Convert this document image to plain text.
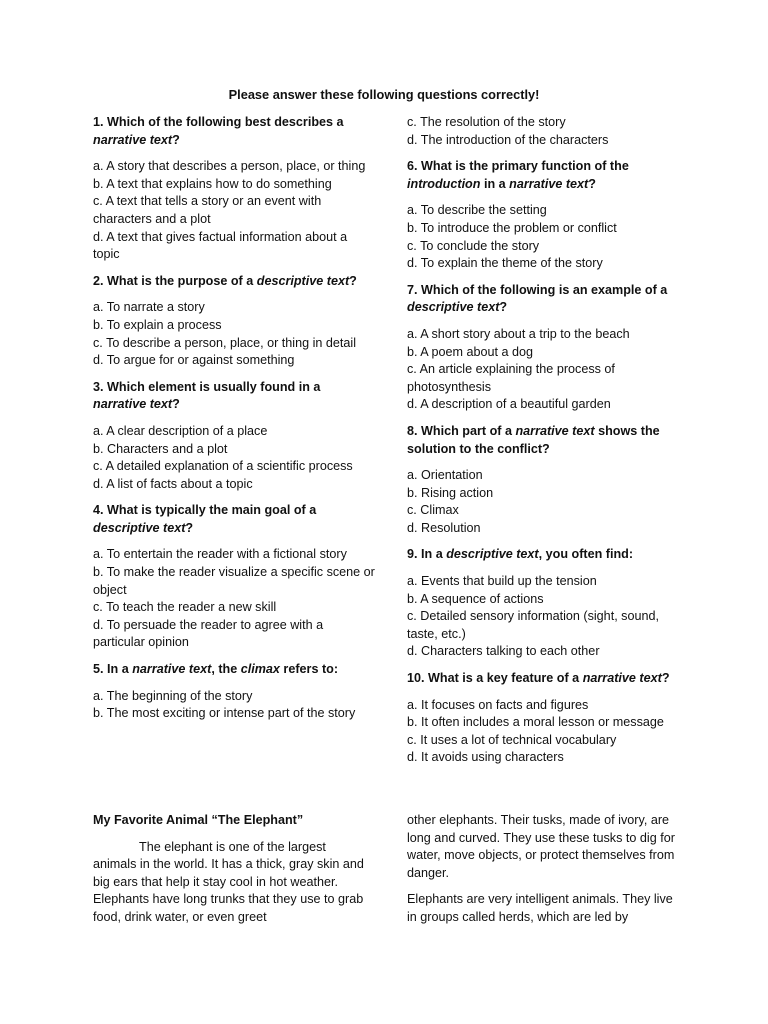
Please answer these following questions correctly!
1. Which of the following best describes a narrative text?
a. A story that describes a person, place, or thing
b. A text that explains how to do something
c. A text that tells a story or an event with characters and a plot
d. A text that gives factual information about a topic
2. What is the purpose of a descriptive text?
a. To narrate a story
b. To explain a process
c. To describe a person, place, or thing in detail
d. To argue for or against something
3. Which element is usually found in a narrative text?
a. A clear description of a place
b. Characters and a plot
c. A detailed explanation of a scientific process
d. A list of facts about a topic
4. What is typically the main goal of a descriptive text?
a. To entertain the reader with a fictional story
b. To make the reader visualize a specific scene or object
c. To teach the reader a new skill
d. To persuade the reader to agree with a particular opinion
5. In a narrative text, the climax refers to:
a. The beginning of the story
b. The most exciting or intense part of the story
c. The resolution of the story
d. The introduction of the characters
6. What is the primary function of the introduction in a narrative text?
a. To describe the setting
b. To introduce the problem or conflict
c. To conclude the story
d. To explain the theme of the story
7. Which of the following is an example of a descriptive text?
a. A short story about a trip to the beach
b. A poem about a dog
c. An article explaining the process of photosynthesis
d. A description of a beautiful garden
8. Which part of a narrative text shows the solution to the conflict?
a. Orientation
b. Rising action
c. Climax
d. Resolution
9. In a descriptive text, you often find:
a. Events that build up the tension
b. A sequence of actions
c. Detailed sensory information (sight, sound, taste, etc.)
d. Characters talking to each other
10. What is a key feature of a narrative text?
a. It focuses on facts and figures
b. It often includes a moral lesson or message
c. It uses a lot of technical vocabulary
d. It avoids using characters
My Favorite Animal “The Elephant”
The elephant is one of the largest animals in the world. It has a thick, gray skin and big ears that help it stay cool in hot weather. Elephants have long trunks that they use to grab food, drink water, or even greet
other elephants. Their tusks, made of ivory, are long and curved. They use these tusks to dig for water, move objects, or protect themselves from danger.
Elephants are very intelligent animals. They live in groups called herds, which are led by
